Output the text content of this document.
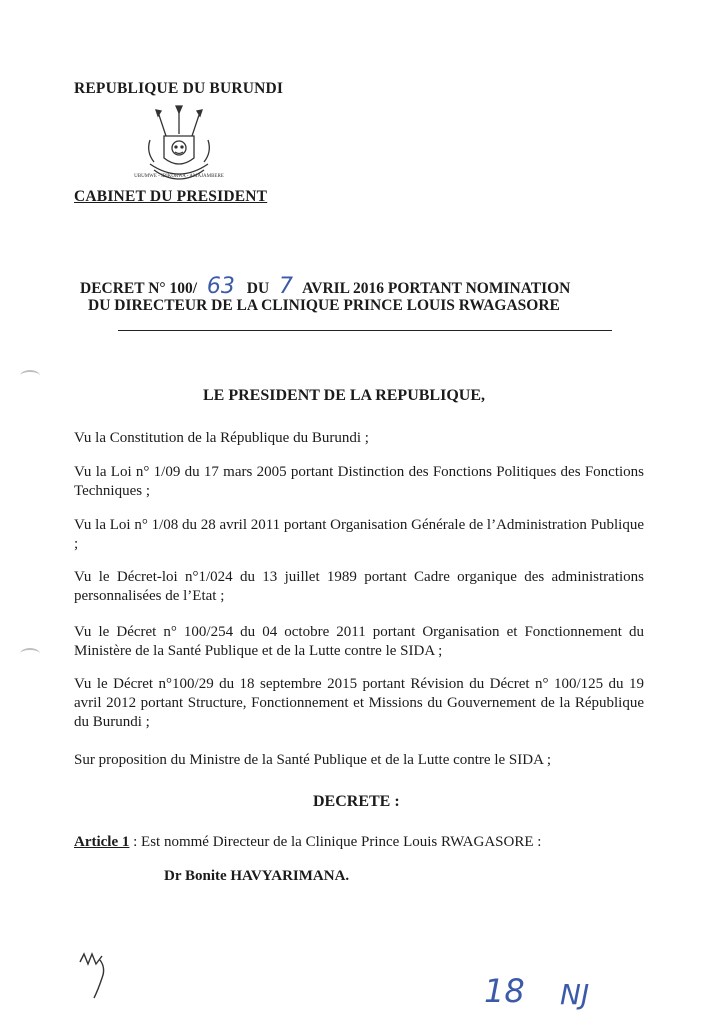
REPUBLIQUE DU BURUNDI
UBUMWE - IBIKORWA - AMAJAMBERE
CABINET DU PRESIDENT
DECRET N° 100/ 63 DU 7 AVRIL 2016 PORTANT NOMINATION
DU DIRECTEUR DE LA CLINIQUE PRINCE LOUIS RWAGASORE
LE PRESIDENT DE LA REPUBLIQUE,
Vu la Constitution de la République du Burundi ;
Vu la Loi n° 1/09 du 17 mars 2005 portant Distinction des Fonctions Politiques des Fonctions Techniques ;
Vu la Loi n° 1/08 du 28 avril 2011 portant Organisation Générale de l’Administration Publique ;
Vu le Décret-loi n°1/024 du 13 juillet 1989 portant Cadre organique des administrations personnalisées de l’Etat ;
Vu le Décret n° 100/254 du 04 octobre 2011 portant Organisation et Fonctionnement du Ministère de la Santé Publique et de la Lutte contre le SIDA ;
Vu le Décret n°100/29 du 18 septembre 2015 portant Révision du Décret n° 100/125 du 19 avril 2012 portant Structure, Fonctionnement et Missions du Gouvernement de la République du Burundi ;
Sur proposition du Ministre de la Santé Publique et de la Lutte contre le SIDA ;
DECRETE :
Article 1 : Est nommé Directeur de la Clinique Prince Louis RWAGASORE :
Dr Bonite HAVYARIMANA.
18 NJ
